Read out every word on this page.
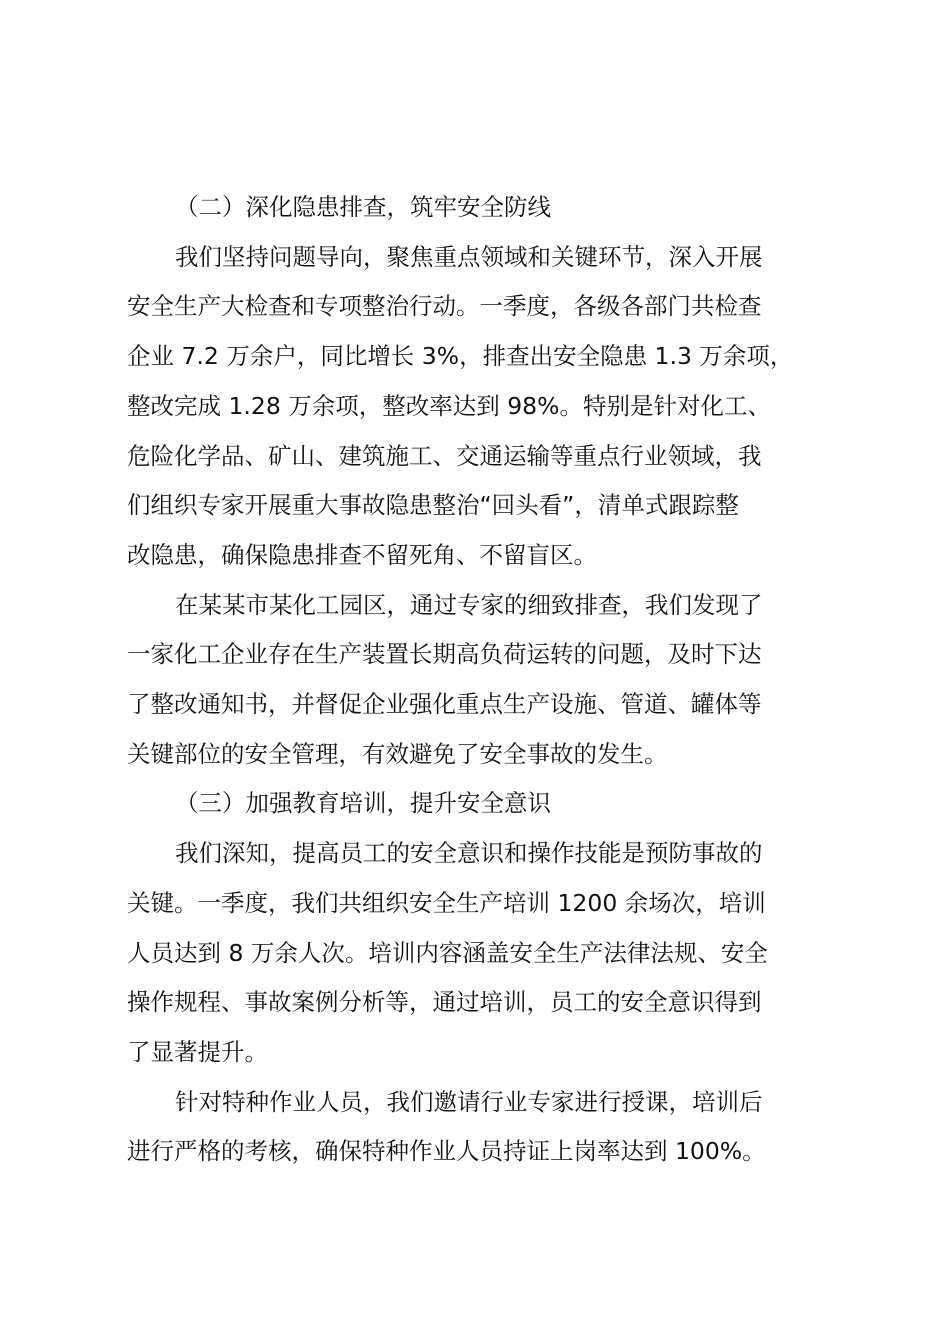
（二）深化隐患排查，筑牢安全防线

我们坚持问题导向，聚焦重点领域和关键环节，深入开展
安全生产大检查和专项整治行动。一季度，各级各部门共检查
企业 7.2 万余户，同比增长 3%，排查出安全隐患 1.3 万余项，
整改完成 1.28 万余项，整改率达到 98%。特别是针对化工、
危险化学品、矿山、建筑施工、交通运输等重点行业领域，我
们组织专家开展重大事故隐患整治“回头看”，清单式跟踪整
改隐患，确保隐患排查不留死角、不留盲区。

在某某市某化工园区，通过专家的细致排查，我们发现了
一家化工企业存在生产装置长期高负荷运转的问题，及时下达
了整改通知书，并督促企业强化重点生产设施、管道、罐体等
关键部位的安全管理，有效避免了安全事故的发生。

（三）加强教育培训，提升安全意识

我们深知，提高员工的安全意识和操作技能是预防事故的
关键。一季度，我们共组织安全生产培训 1200 余场次，培训
人员达到 8 万余人次。培训内容涵盖安全生产法律法规、安全
操作规程、事故案例分析等，通过培训，员工的安全意识得到
了显著提升。

针对特种作业人员，我们邀请行业专家进行授课，培训后
进行严格的考核，确保特种作业人员持证上岗率达到 100%。
